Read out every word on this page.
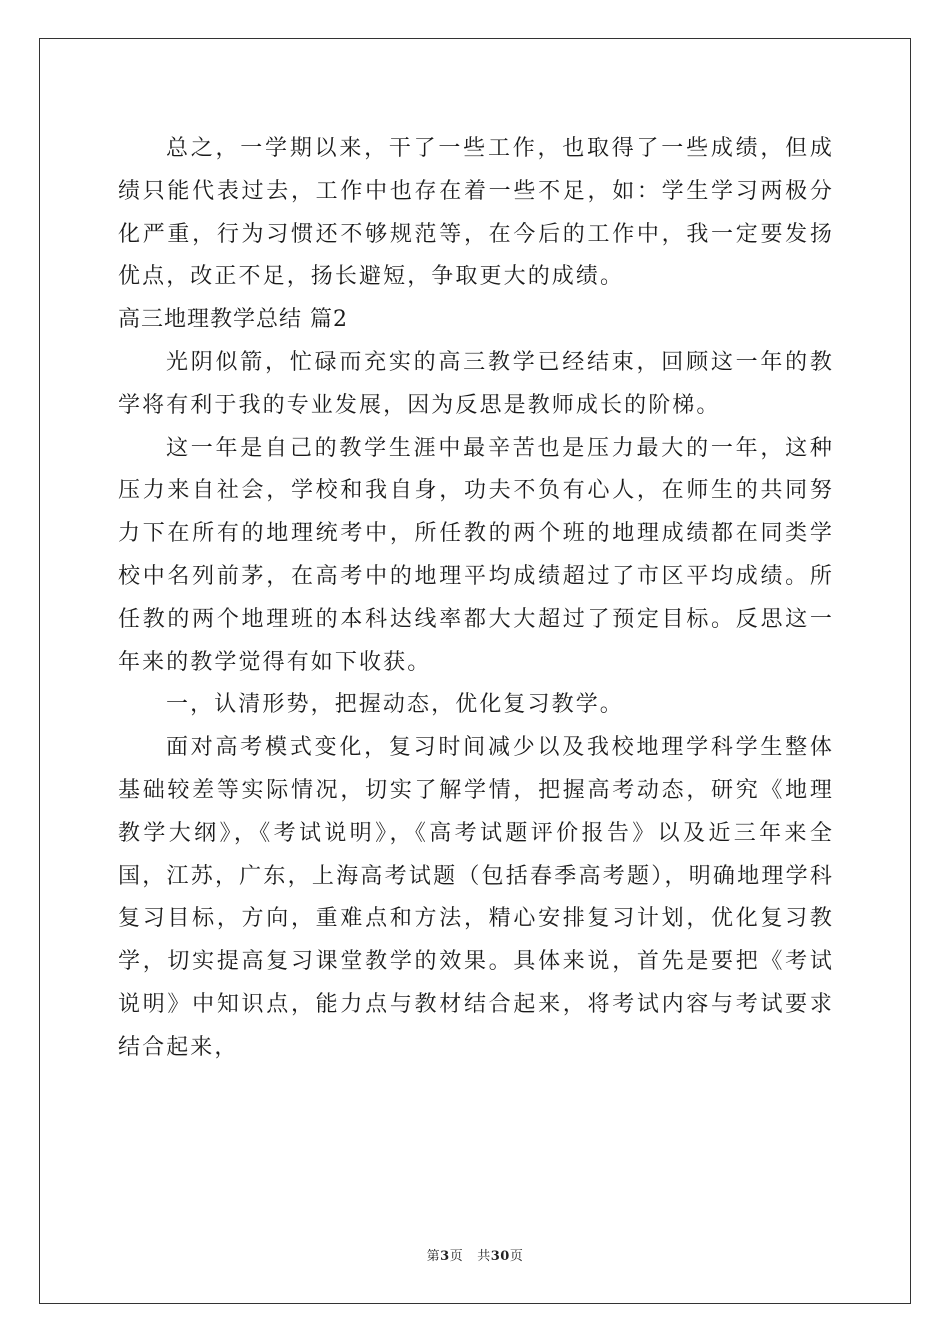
总之，一学期以来，干了一些工作，也取得了一些成绩，但成绩只能代表过去，工作中也存在着一些不足，如：学生学习两极分化严重，行为习惯还不够规范等，在今后的工作中，我一定要发扬优点，改正不足，扬长避短，争取更大的成绩。

高三地理教学总结 篇2

光阴似箭，忙碌而充实的高三教学已经结束，回顾这一年的教学将有利于我的专业发展，因为反思是教师成长的阶梯。

这一年是自己的教学生涯中最辛苦也是压力最大的一年，这种压力来自社会，学校和我自身，功夫不负有心人，在师生的共同努力下在所有的地理统考中，所任教的两个班的地理成绩都在同类学校中名列前茅，在高考中的地理平均成绩超过了市区平均成绩。所任教的两个地理班的本科达线率都大大超过了预定目标。反思这一年来的教学觉得有如下收获。

一，认清形势，把握动态，优化复习教学。

面对高考模式变化，复习时间减少以及我校地理学科学生整体基础较差等实际情况，切实了解学情，把握高考动态，研究《地理教学大纲》，《考试说明》，《高考试题评价报告》以及近三年来全国，江苏，广东，上海高考试题（包括春季高考题），明确地理学科复习目标，方向，重难点和方法，精心安排复习计划，优化复习教学，切实提高复习课堂教学的效果。具体来说，首先是要把《考试说明》中知识点，能力点与教材结合起来，将考试内容与考试要求结合起来，

第3页 共30页
